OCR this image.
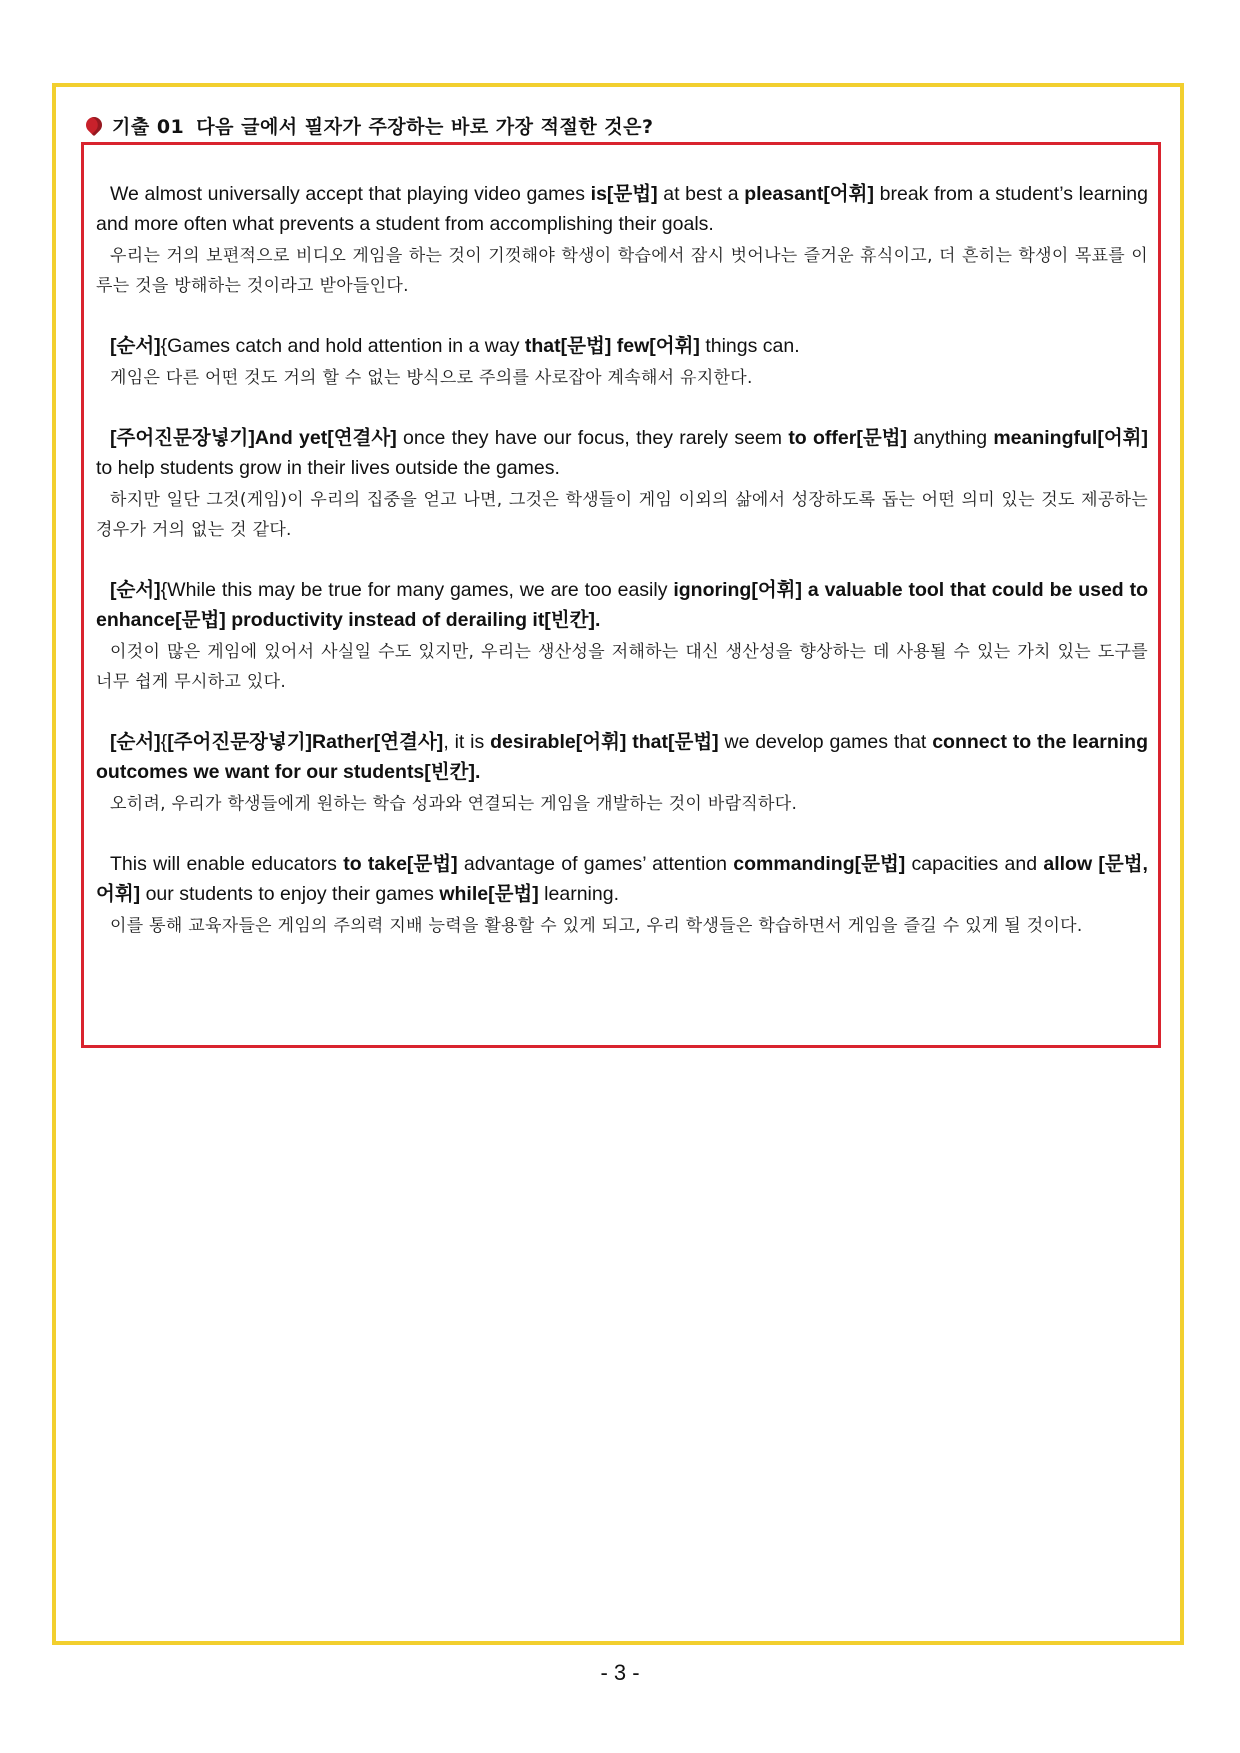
기출 01 다음 글에서 필자가 주장하는 바로 가장 적절한 것은?
We almost universally accept that playing video games is[문법] at best a pleasant[어휘] break from a student’s learning and more often what prevents a student from accomplishing their goals.
우리는 거의 보편적으로 비디오 게임을 하는 것이 기껏해야 학생이 학습에서 잠시 벗어나는 즐거운 휴식이고, 더 흔히는 학생이 목표를 이루는 것을 방해하는 것이라고 받아들인다.
[순서]{Games catch and hold attention in a way that[문법] few[어휘] things can.
게임은 다른 어떤 것도 거의 할 수 없는 방식으로 주의를 사로잡아 계속해서 유지한다.
[주어진문장넣기]And yet[연결사] once they have our focus, they rarely seem to offer[문법] anything meaningful[어휘] to help students grow in their lives outside the games.
하지만 일단 그것(게임)이 우리의 집중을 얻고 나면, 그것은 학생들이 게임 이외의 삶에서 성장하도록 돕는 어떤 의미 있는 것도 제공하는 경우가 거의 없는 것 같다.
[순서]{While this may be true for many games, we are too easily ignoring[어휘] a valuable tool that could be used to enhance[문법] productivity instead of derailing it[빈칸].
이것이 많은 게임에 있어서 사실일 수도 있지만, 우리는 생산성을 저해하는 대신 생산성을 향상하는 데 사용될 수 있는 가치 있는 도구를 너무 쉽게 무시하고 있다.
[순서]{[주어진문장넣기]Rather[연결사], it is desirable[어휘] that[문법] we develop games that connect to the learning outcomes we want for our students[빈칸].
오히려, 우리가 학생들에게 원하는 학습 성과와 연결되는 게임을 개발하는 것이 바람직하다.
This will enable educators to take[문법] advantage of games’ attention commanding[문법] capacities and allow [문법,어휘] our students to enjoy their games while[문법] learning.
이를 통해 교육자들은 게임의 주의력 지배 능력을 활용할 수 있게 되고, 우리 학생들은 학습하면서 게임을 즐길 수 있게 될 것이다.
- 3 -
